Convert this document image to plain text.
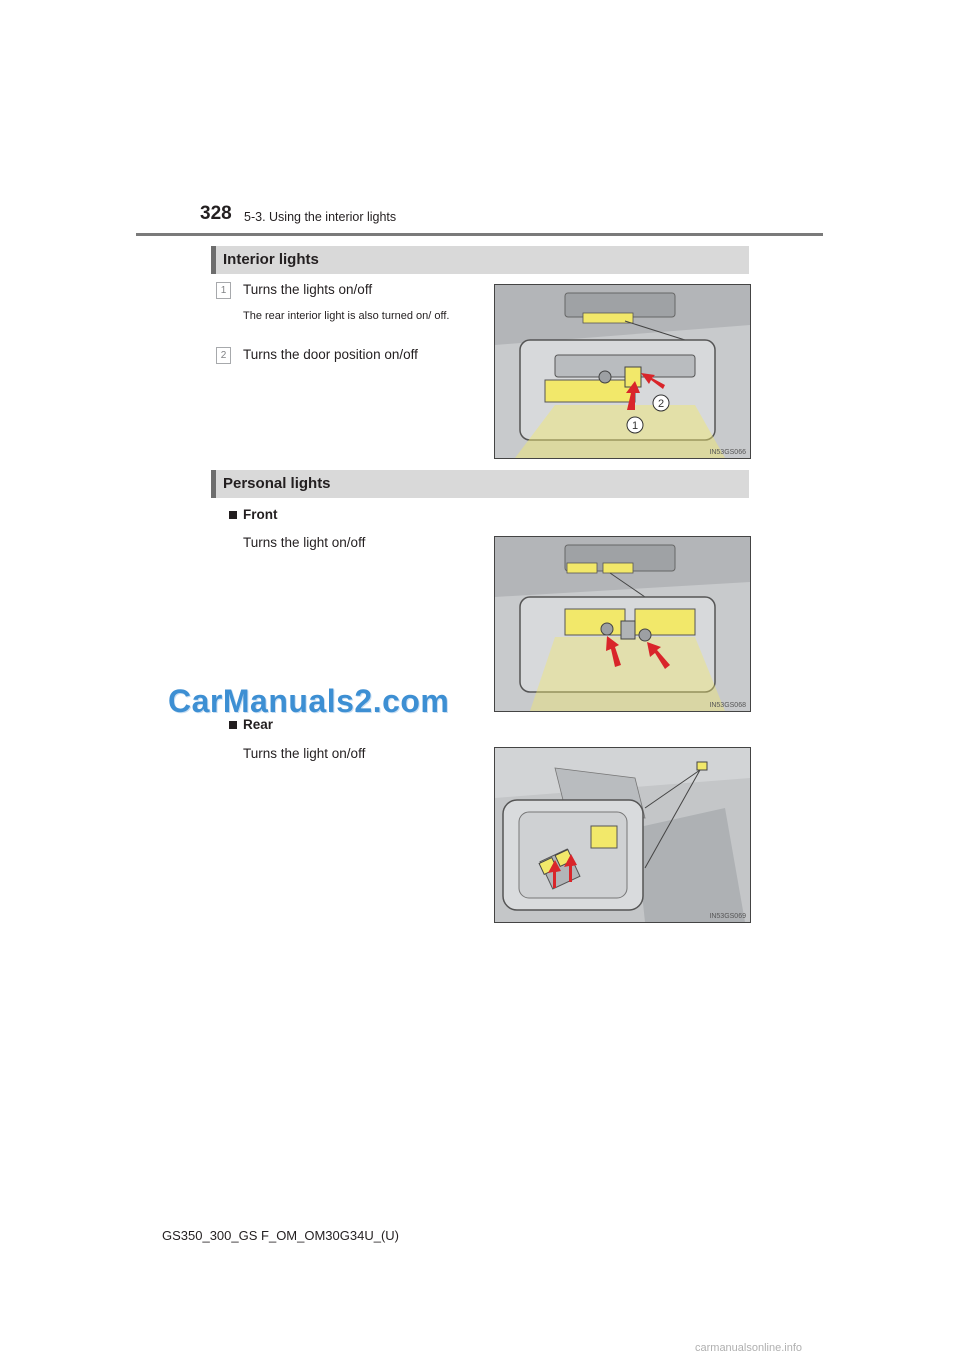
328 5-3. Using the interior lights
Interior lights
1	Turns the lights on/off
The rear interior light is also turned on/ off.
2	Turns the door position on/off
2
1
IN53GS066
Personal lights
Front
Turns the light on/off
IN53GS068
Rear
Turns the light on/off
IN53GS069
CarManuals2.com
GS350_300_GS F_OM_OM30G34U_(U)
carmanualsonline.info
